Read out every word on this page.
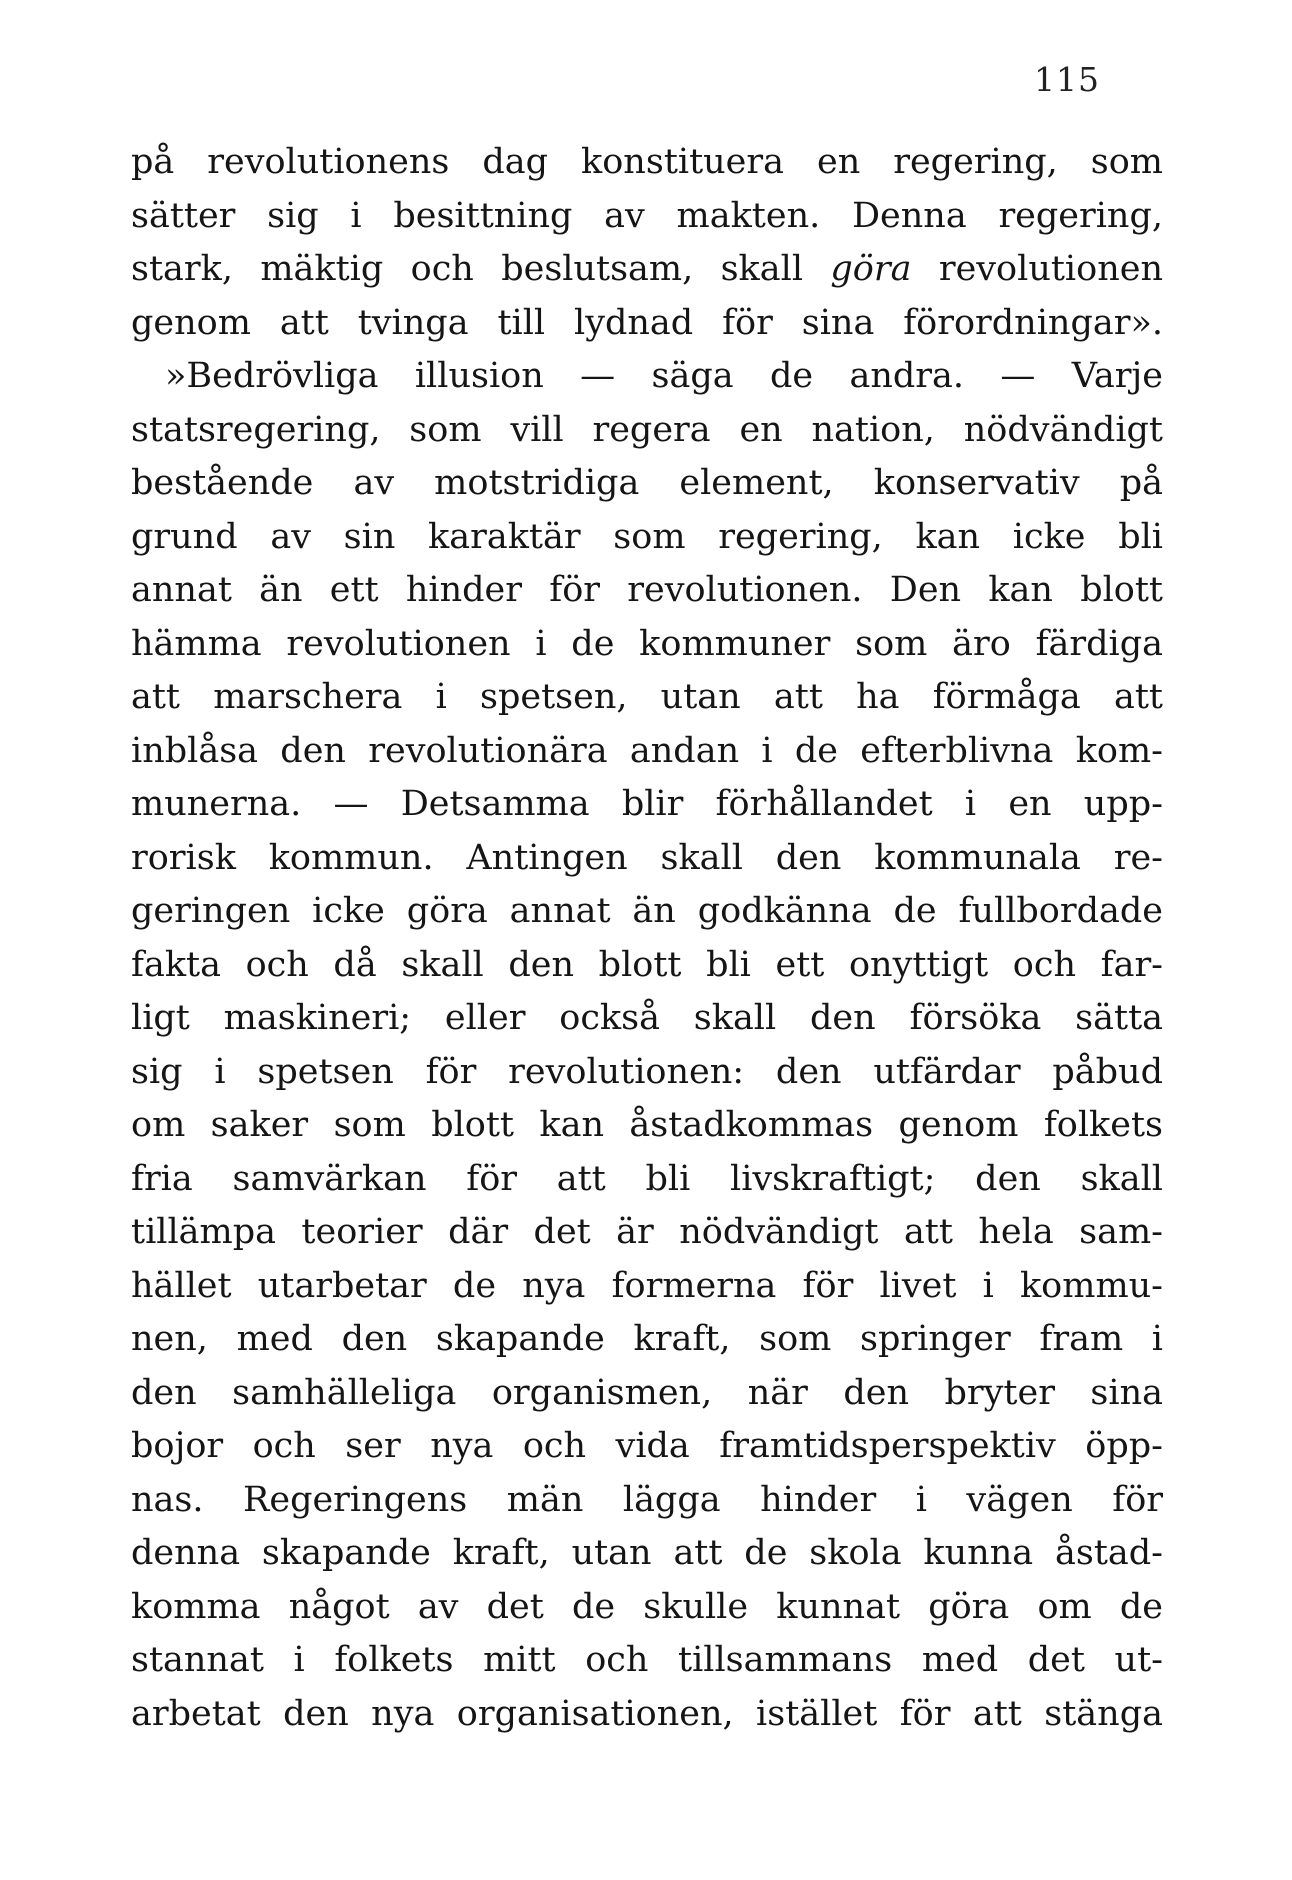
115
på revolutionens dag konstituera en regering, som
sätter sig i besittning av makten. Denna regering,
stark, mäktig och beslutsam, skall göra revolutionen
genom att tvinga till lydnad för sina förordningar».
»Bedrövliga illusion — säga de andra. — Varje
statsregering, som vill regera en nation, nödvändigt
bestående av motstridiga element, konservativ på
grund av sin karaktär som regering, kan icke bli
annat än ett hinder för revolutionen. Den kan blott
hämma revolutionen i de kommuner som äro färdiga
att marschera i spetsen, utan att ha förmåga att
inblåsa den revolutionära andan i de efterblivna kom-
munerna. — Detsamma blir förhållandet i en upp-
rorisk kommun. Antingen skall den kommunala re-
geringen icke göra annat än godkänna de fullbordade
fakta och då skall den blott bli ett onyttigt och far-
ligt maskineri; eller också skall den försöka sätta
sig i spetsen för revolutionen: den utfärdar påbud
om saker som blott kan åstadkommas genom folkets
fria samvärkan för att bli livskraftigt; den skall
tillämpa teorier där det är nödvändigt att hela sam-
hället utarbetar de nya formerna för livet i kommu-
nen, med den skapande kraft, som springer fram i
den samhälleliga organismen, när den bryter sina
bojor och ser nya och vida framtidsperspektiv öpp-
nas. Regeringens män lägga hinder i vägen för
denna skapande kraft, utan att de skola kunna åstad-
komma något av det de skulle kunnat göra om de
stannat i folkets mitt och tillsammans med det ut-
arbetat den nya organisationen, istället för att stänga
